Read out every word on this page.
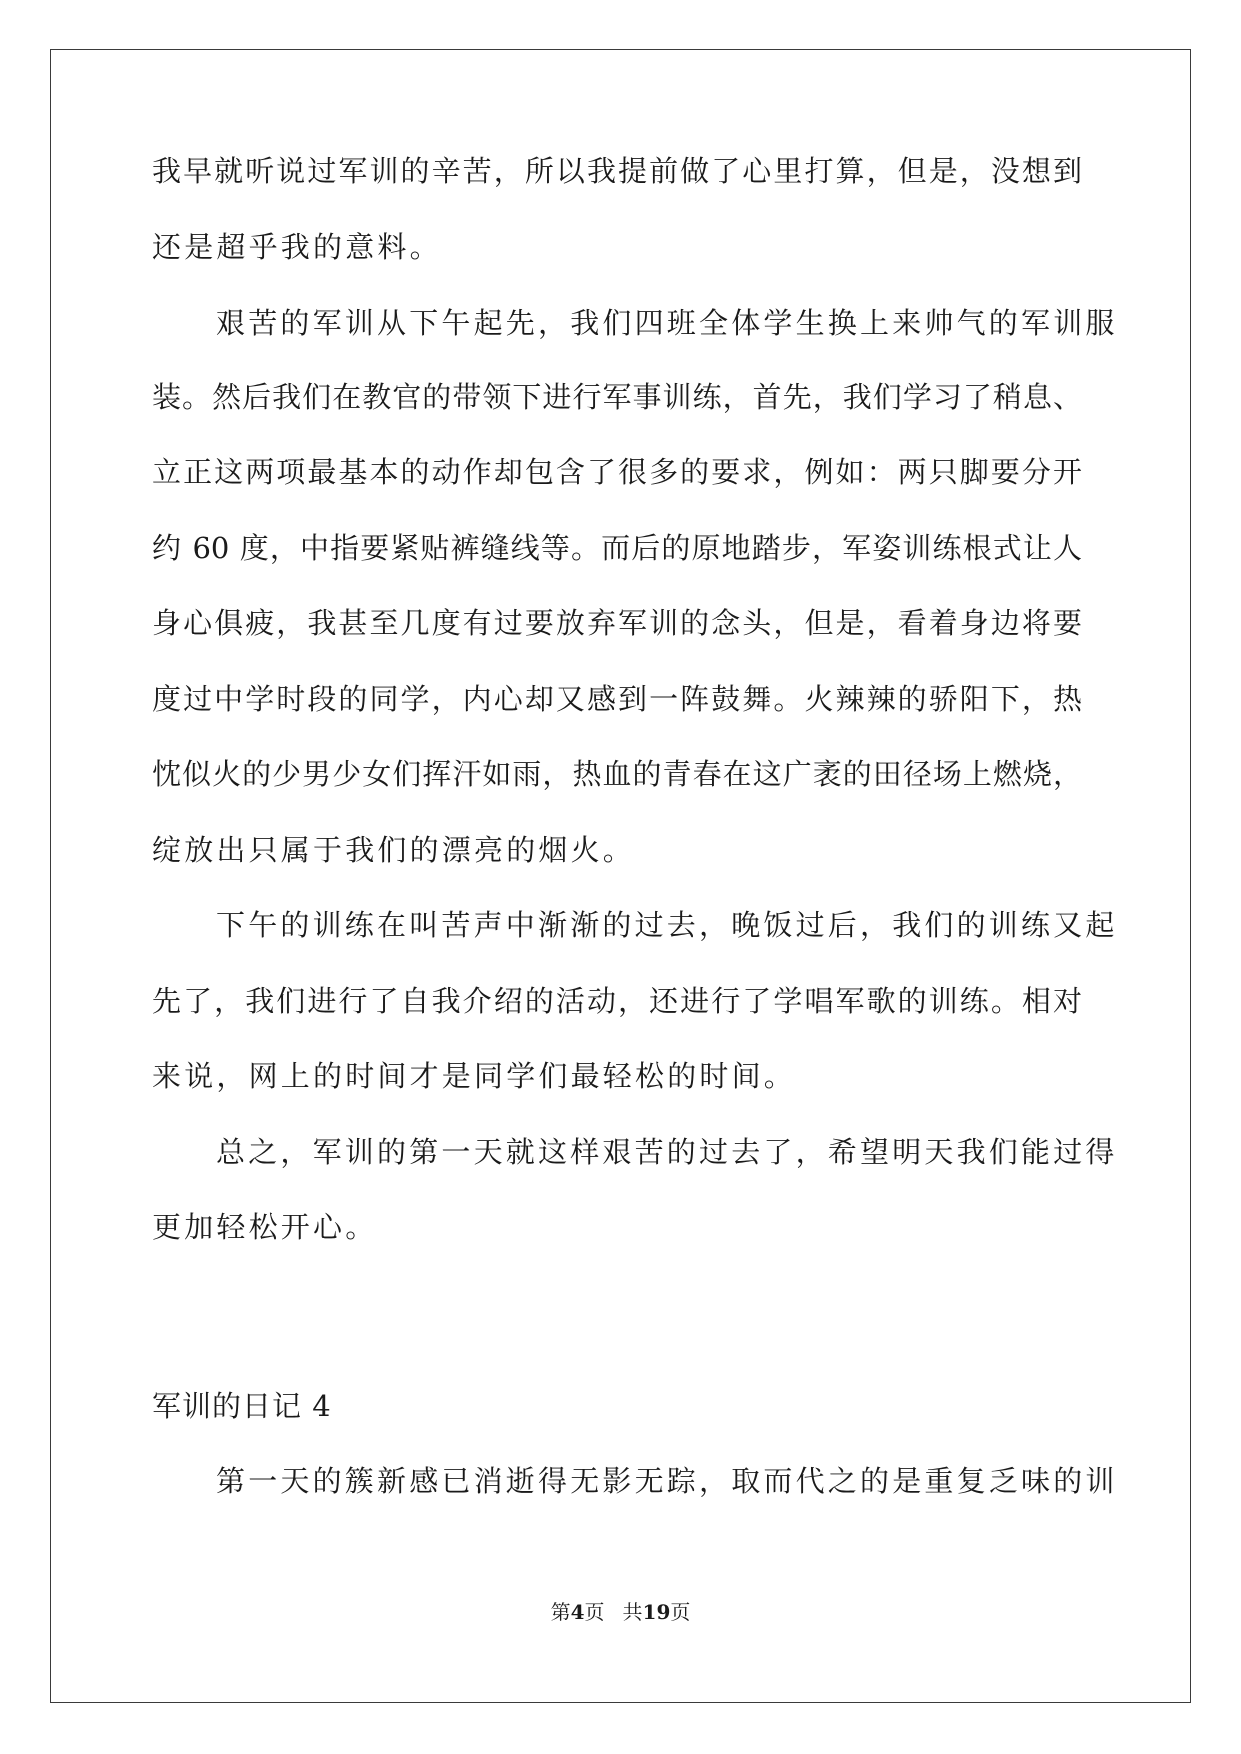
我早就听说过军训的辛苦，所以我提前做了心里打算，但是，没想到
还是超乎我的意料。
艰苦的军训从下午起先，我们四班全体学生换上来帅气的军训服
装。然后我们在教官的带领下进行军事训练，首先，我们学习了稍息、
立正这两项最基本的动作却包含了很多的要求，例如：两只脚要分开
约 60 度，中指要紧贴裤缝线等。而后的原地踏步，军姿训练根式让人
身心俱疲，我甚至几度有过要放弃军训的念头，但是，看着身边将要
度过中学时段的同学，内心却又感到一阵鼓舞。火辣辣的骄阳下，热
忱似火的少男少女们挥汗如雨，热血的青春在这广袤的田径场上燃烧，
绽放出只属于我们的漂亮的烟火。
下午的训练在叫苦声中渐渐的过去，晚饭过后，我们的训练又起
先了，我们进行了自我介绍的活动，还进行了学唱军歌的训练。相对
来说，网上的时间才是同学们最轻松的时间。
总之，军训的第一天就这样艰苦的过去了，希望明天我们能过得
更加轻松开心。
军训的日记 4
第一天的簇新感已消逝得无影无踪，取而代之的是重复乏味的训
第4页 共19页
